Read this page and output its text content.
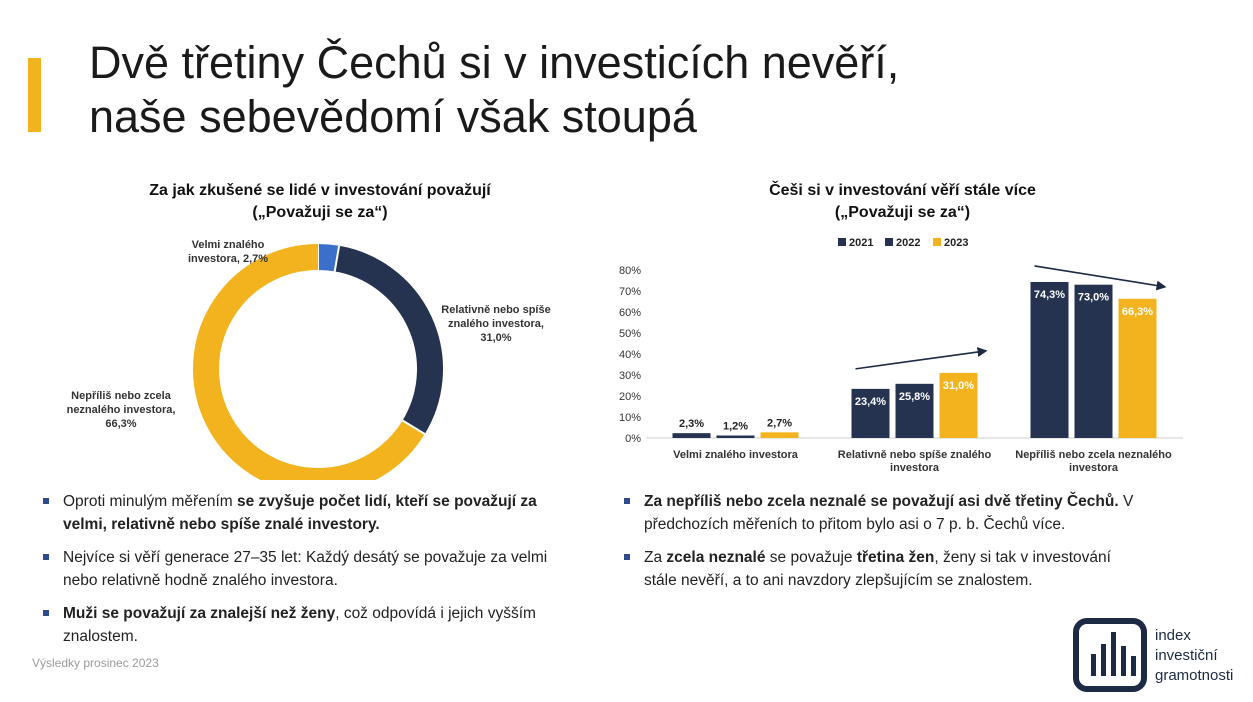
Dvě třetiny Čechů si v investicích nevěří,
naše sebevědomí však stoupá
Za jak zkušené se lidé v investování považují
(„Považuji se za“)
Češi si v investování věří stále více
(„Považuji se za“)
Velmi znalého investora, 2,7%
Relativně nebo spíše znalého investora, 31,0%
Nepříliš nebo zcela neznalého investora, 66,3%
2021 2022 2023
0%
10%
20%
30%
40%
50%
60%
70%
80%
2,3% 1,2% 2,7%
Velmi znalého investora
23,4% 25,8%
31,0%
Relativně nebo spíše znalého investora
74,3% 73,0%
66,3%
Nepříliš nebo zcela neznalého investora
Oproti minulým měřením se zvyšuje počet lidí, kteří se považují za velmi, relativně nebo spíše znalé investory.
Nejvíce si věří generace 27–35 let: Každý desátý se považuje za velmi nebo relativně hodně znalého investora.
Muži se považují za znalejší než ženy, což odpovídá i jejich vyšším znalostem.
Za nepříliš nebo zcela neznalé se považují asi dvě třetiny Čechů. V předchozích měřeních to přitom bylo asi o 7 p. b. Čechů více.
Za zcela neznalé se považuje třetina žen, ženy si tak v investování stále nevěří, a to ani navzdory zlepšujícím se znalostem.
Výsledky prosinec 2023
index
investiční
gramotnosti
